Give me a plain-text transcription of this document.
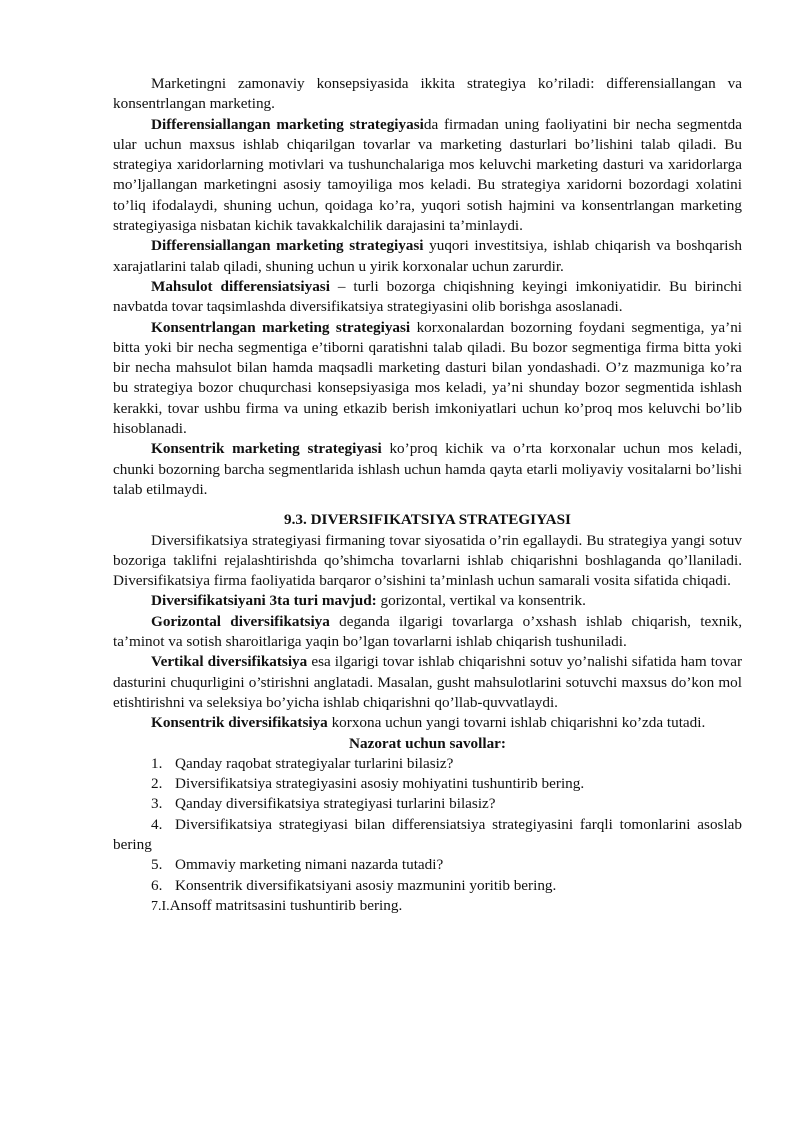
Marketingni zamonaviy konsepsiyasida ikkita strategiya ko’riladi: differensiallangan va konsentrlangan marketing.

Differensiallangan marketing strategiyasida firmadan uning faoliyatini bir necha segmentda ular uchun maxsus ishlab chiqarilgan tovarlar va marketing dasturlari bo’lishini talab qiladi. Bu strategiya xaridorlarning motivlari va tushunchalariga mos keluvchi marketing dasturi va xaridorlarga mo’ljallangan marketingni asosiy tamoyiliga mos keladi. Bu strategiya xaridorni bozordagi xolatini to’liq ifodalaydi, shuning uchun, qoidaga ko’ra, yuqori sotish hajmini va konsentrlangan marketing strategiyasiga nisbatan kichik tavakkalchilik darajasini ta’minlaydi.

Differensiallangan marketing strategiyasi yuqori investitsiya, ishlab chiqarish va boshqarish xarajatlarini talab qiladi, shuning uchun u yirik korxonalar uchun zarurdir.

Mahsulot differensiatsiyasi – turli bozorga chiqishning keyingi imkoniyatidir. Bu birinchi navbatda tovar taqsimlashda diversifikatsiya strategiyasini olib borishga asoslanadi.

Konsentrlangan marketing strategiyasi korxonalardan bozorning foydani segmentiga, ya’ni bitta yoki bir necha segmentiga e’tiborni qaratishni talab qiladi. Bu bozor segmentiga firma bitta yoki bir necha mahsulot bilan hamda maqsadli marketing dasturi bilan yondashadi. O’z mazmuniga ko’ra bu strategiya bozor chuqurchasi konsepsiyasiga mos keladi, ya’ni shunday bozor segmentida ishlash kerakki, tovar ushbu firma va uning etkazib berish imkoniyatlari uchun ko’proq mos keluvchi bo’lib hisoblanadi.

Konsentrik marketing strategiyasi ko’proq kichik va o’rta korxonalar uchun mos keladi, chunki bozorning barcha segmentlarida ishlash uchun hamda qayta etarli moliyaviy vositalarni bo’lishi talab etilmaydi.

9.3. DIVERSIFIKATSIYA STRATEGIYASI

Diversifikatsiya strategiyasi firmaning tovar siyosatida o’rin egallaydi. Bu strategiya yangi sotuv bozoriga taklifni rejalashtirishda qo’shimcha tovarlarni ishlab chiqarishni boshlaganda qo’llaniladi. Diversifikatsiya firma faoliyatida barqaror o’sishini ta’minlash uchun samarali vosita sifatida chiqadi.

Diversifikatsiyani 3ta turi mavjud: gorizontal, vertikal va konsentrik.

Gorizontal diversifikatsiya deganda ilgarigi tovarlarga o’xshash ishlab chiqarish, texnik, ta’minot va sotish sharoitlariga yaqin bo’lgan tovarlarni ishlab chiqarish tushuniladi.

Vertikal diversifikatsiya esa ilgarigi tovar ishlab chiqarishni sotuv yo’nalishi sifatida ham tovar dasturini chuqurligini o’stirishni anglatadi. Masalan, gusht mahsulotlarini sotuvchi maxsus do’kon mol etishtirishni va seleksiya bo’yicha ishlab chiqarishni qo’llab-quvvatlaydi.

Konsentrik diversifikatsiya korxona uchun yangi tovarni ishlab chiqarishni ko’zda tutadi.

Nazorat uchun savollar:
1. Qanday raqobat strategiyalar turlarini bilasiz?
2. Diversifikatsiya strategiyasini asosiy mohiyatini tushuntirib bering.
3. Qanday diversifikatsiya strategiyasi turlarini bilasiz?
4. Diversifikatsiya strategiyasi bilan differensiatsiya strategiyasini farqli tomonlarini asoslab bering
5. Ommaviy marketing nimani nazarda tutadi?
6. Konsentrik diversifikatsiyani asosiy mazmunini yoritib bering.
7.I.Ansoff matritsasini tushuntirib bering.
